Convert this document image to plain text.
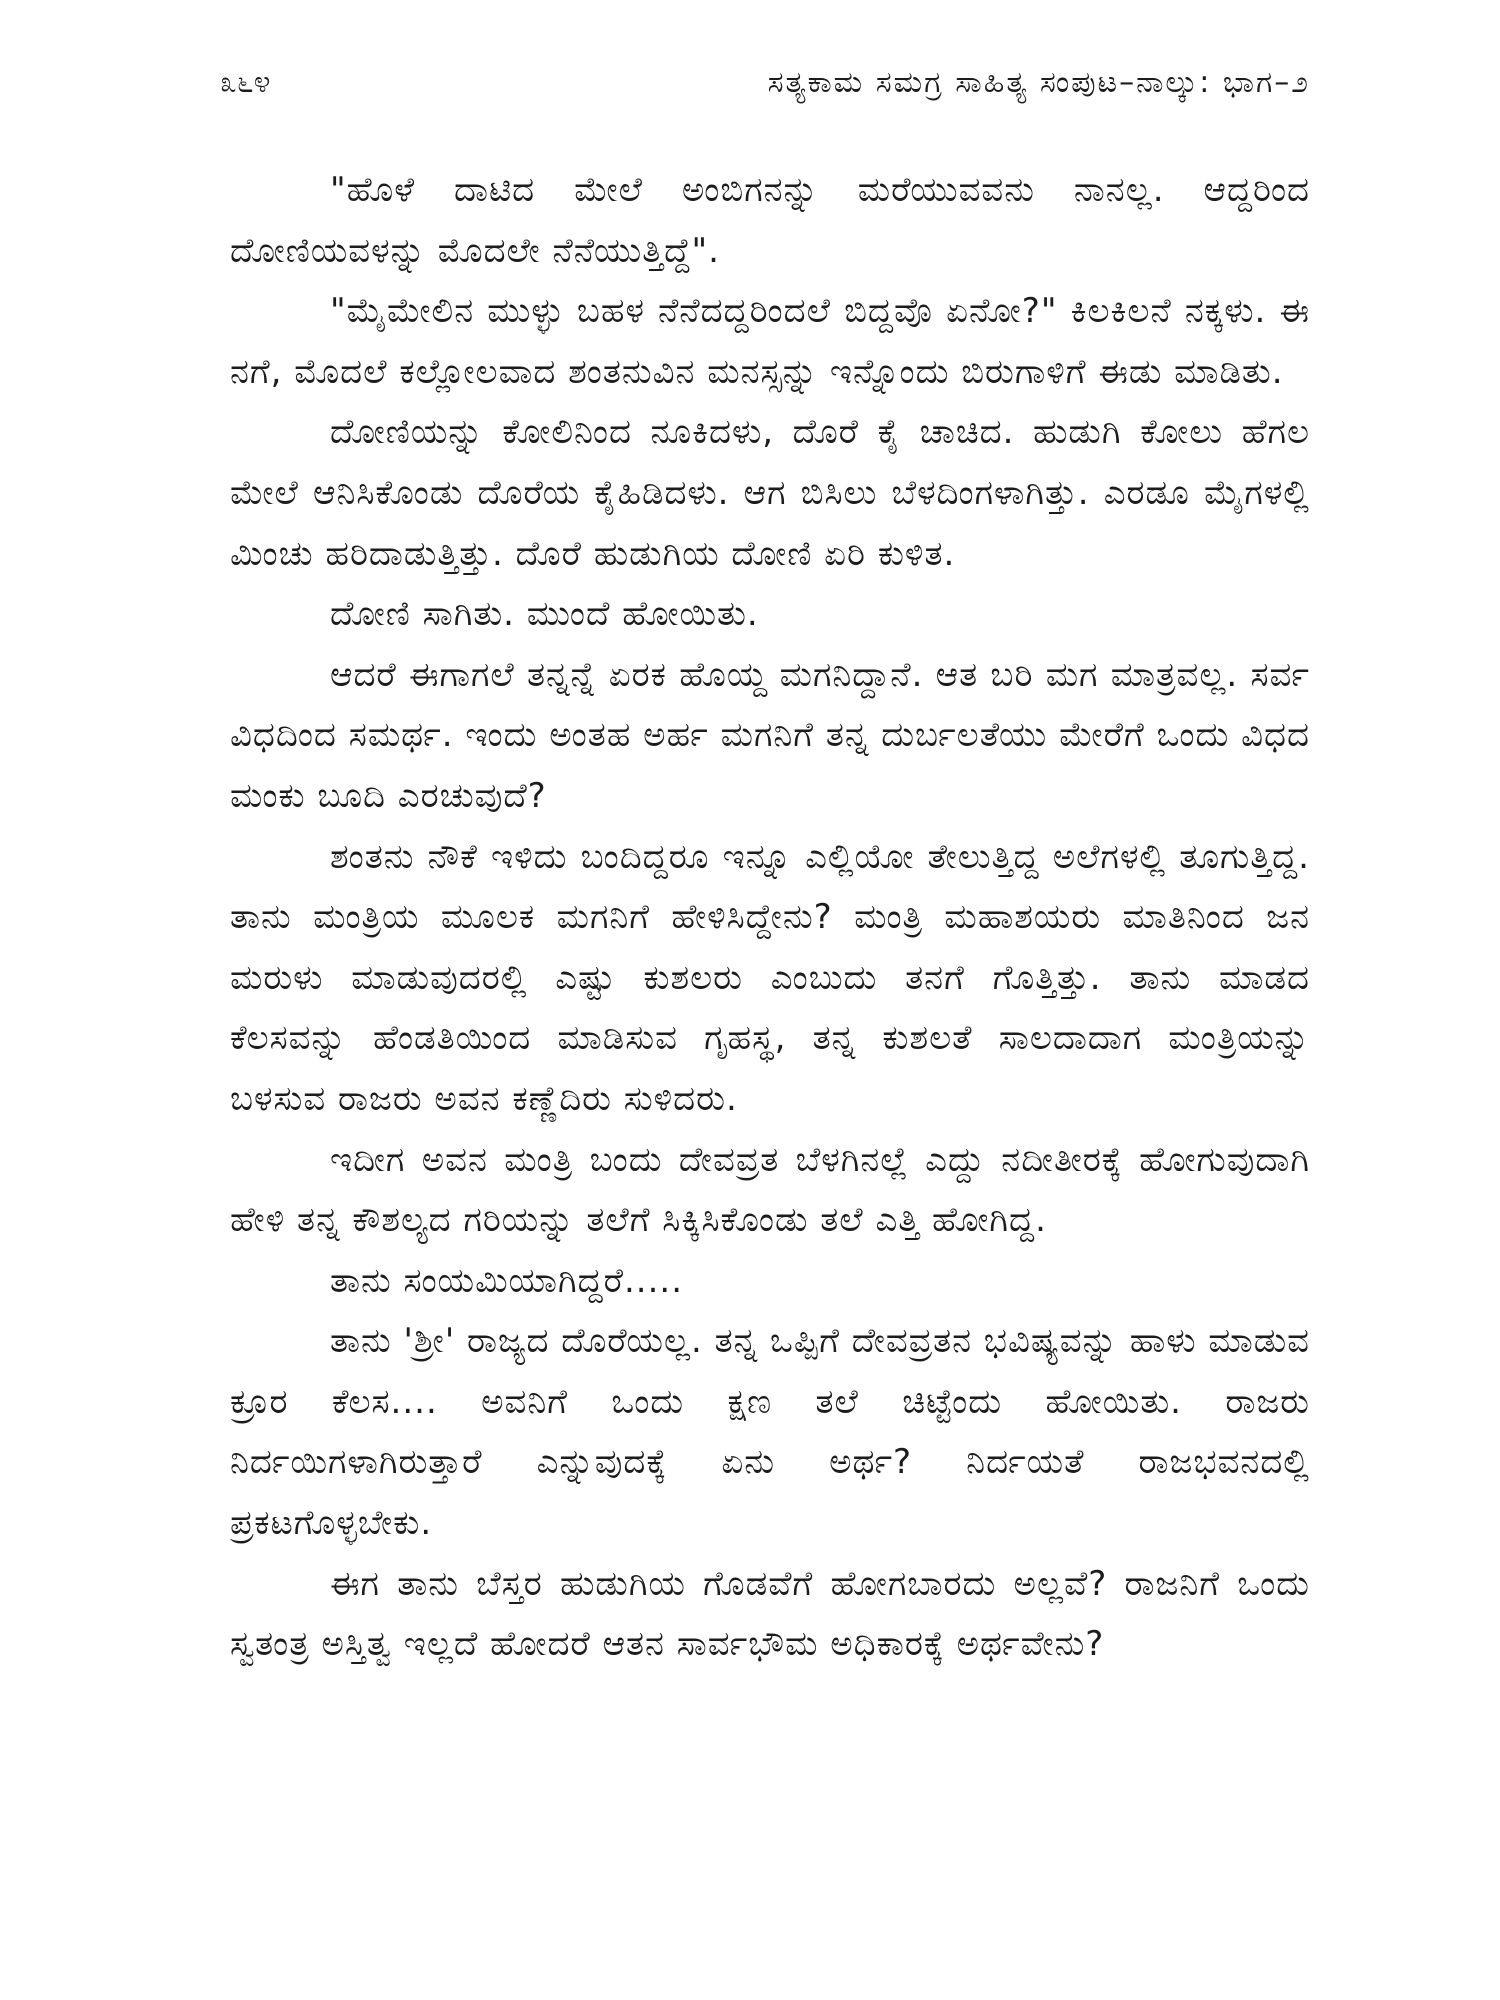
೩೬೪	ಸತ್ಯಕಾಮ ಸಮಗ್ರ ಸಾಹಿತ್ಯ ಸಂಪುಟ–ನಾಲ್ಕು: ಭಾಗ–೨

"ಹೊಳೆ ದಾಟಿದ ಮೇಲೆ ಅಂಬಿಗನನ್ನು ಮರೆಯುವವನು ನಾನಲ್ಲ. ಆದ್ದರಿಂದ ದೋಣಿಯವಳನ್ನು ಮೊದಲೇ ನೆನೆಯುತ್ತಿದ್ದೆ".

"ಮೈಮೇಲಿನ ಮುಳ್ಳು ಬಹಳ ನೆನೆದದ್ದರಿಂದಲೆ ಬಿದ್ದವೊ ಏನೋ?" ಕಿಲಕಿಲನೆ ನಕ್ಕಳು. ಈ ನಗೆ, ಮೊದಲೆ ಕಲ್ಲೋಲವಾದ ಶಂತನುವಿನ ಮನಸ್ಸನ್ನು ಇನ್ನೊಂದು ಬಿರುಗಾಳಿಗೆ ಈಡು ಮಾಡಿತು.

ದೋಣಿಯನ್ನು ಕೋಲಿನಿಂದ ನೂಕಿದಳು, ದೊರೆ ಕೈ ಚಾಚಿದ. ಹುಡುಗಿ ಕೋಲು ಹೆಗಲ ಮೇಲೆ ಆನಿಸಿಕೊಂಡು ದೊರೆಯ ಕೈಹಿಡಿದಳು. ಆಗ ಬಿಸಿಲು ಬೆಳದಿಂಗಳಾಗಿತ್ತು. ಎರಡೂ ಮೈಗಳಲ್ಲಿ ಮಿಂಚು ಹರಿದಾಡುತ್ತಿತ್ತು. ದೊರೆ ಹುಡುಗಿಯ ದೋಣಿ ಏರಿ ಕುಳಿತ.

ದೋಣಿ ಸಾಗಿತು. ಮುಂದೆ ಹೋಯಿತು.

ಆದರೆ ಈಗಾಗಲೆ ತನ್ನನ್ನೆ ಏರಕ ಹೊಯ್ದ ಮಗನಿದ್ದಾನೆ. ಆತ ಬರಿ ಮಗ ಮಾತ್ರವಲ್ಲ. ಸರ್ವ ವಿಧದಿಂದ ಸಮರ್ಥ. ಇಂದು ಅಂತಹ ಅರ್ಹ ಮಗನಿಗೆ ತನ್ನ ದುರ್ಬಲತೆಯು ಮೇರೆಗೆ ಒಂದು ವಿಧದ ಮಂಕು ಬೂದಿ ಎರಚುವುದೆ?

ಶಂತನು ನೌಕೆ ಇಳಿದು ಬಂದಿದ್ದರೂ ಇನ್ನೂ ಎಲ್ಲಿಯೋ ತೇಲುತ್ತಿದ್ದ ಅಲೆಗಳಲ್ಲಿ ತೂಗುತ್ತಿದ್ದ. ತಾನು ಮಂತ್ರಿಯ ಮೂಲಕ ಮಗನಿಗೆ ಹೇಳಿಸಿದ್ದೇನು? ಮಂತ್ರಿ ಮಹಾಶಯರು ಮಾತಿನಿಂದ ಜನ ಮರುಳು ಮಾಡುವುದರಲ್ಲಿ ಎಷ್ಟು ಕುಶಲರು ಎಂಬುದು ತನಗೆ ಗೊತ್ತಿತ್ತು. ತಾನು ಮಾಡದ ಕೆಲಸವನ್ನು ಹೆಂಡತಿಯಿಂದ ಮಾಡಿಸುವ ಗೃಹಸ್ಥ, ತನ್ನ ಕುಶಲತೆ ಸಾಲದಾದಾಗ ಮಂತ್ರಿಯನ್ನು ಬಳಸುವ ರಾಜರು ಅವನ ಕಣ್ಣೆದಿರು ಸುಳಿದರು.

ಇದೀಗ ಅವನ ಮಂತ್ರಿ ಬಂದು ದೇವವ್ರತ ಬೆಳಗಿನಲ್ಲೆ ಎದ್ದು ನದೀತೀರಕ್ಕೆ ಹೋಗುವುದಾಗಿ ಹೇಳಿ ತನ್ನ ಕೌಶಲ್ಯದ ಗರಿಯನ್ನು ತಲೆಗೆ ಸಿಕ್ಕಿಸಿಕೊಂಡು ತಲೆ ಎತ್ತಿ ಹೋಗಿದ್ದ.

ತಾನು ಸಂಯಮಿಯಾಗಿದ್ದರೆ.....

ತಾನು 'ಶ್ರೀ' ರಾಜ್ಯದ ದೊರೆಯಲ್ಲ. ತನ್ನ ಒಪ್ಪಿಗೆ ದೇವವ್ರತನ ಭವಿಷ್ಯವನ್ನು ಹಾಳು ಮಾಡುವ ಕ್ರೂರ ಕೆಲಸ.... ಅವನಿಗೆ ಒಂದು ಕ್ಷಣ ತಲೆ ಚಿಟ್ಟೆಂದು ಹೋಯಿತು. ರಾಜರು ನಿರ್ದಯಿಗಳಾಗಿರುತ್ತಾರೆ ಎನ್ನುವುದಕ್ಕೆ ಏನು ಅರ್ಥ? ನಿರ್ದಯತೆ ರಾಜಭವನದಲ್ಲಿ ಪ್ರಕಟಗೊಳ್ಳಬೇಕು.

ಈಗ ತಾನು ಬೆಸ್ತರ ಹುಡುಗಿಯ ಗೊಡವೆಗೆ ಹೋಗಬಾರದು ಅಲ್ಲವೆ? ರಾಜನಿಗೆ ಒಂದು ಸ್ವತಂತ್ರ ಅಸ್ತಿತ್ವ ಇಲ್ಲದೆ ಹೋದರೆ ಆತನ ಸಾರ್ವಭೌಮ ಅಧಿಕಾರಕ್ಕೆ ಅರ್ಥವೇನು?
